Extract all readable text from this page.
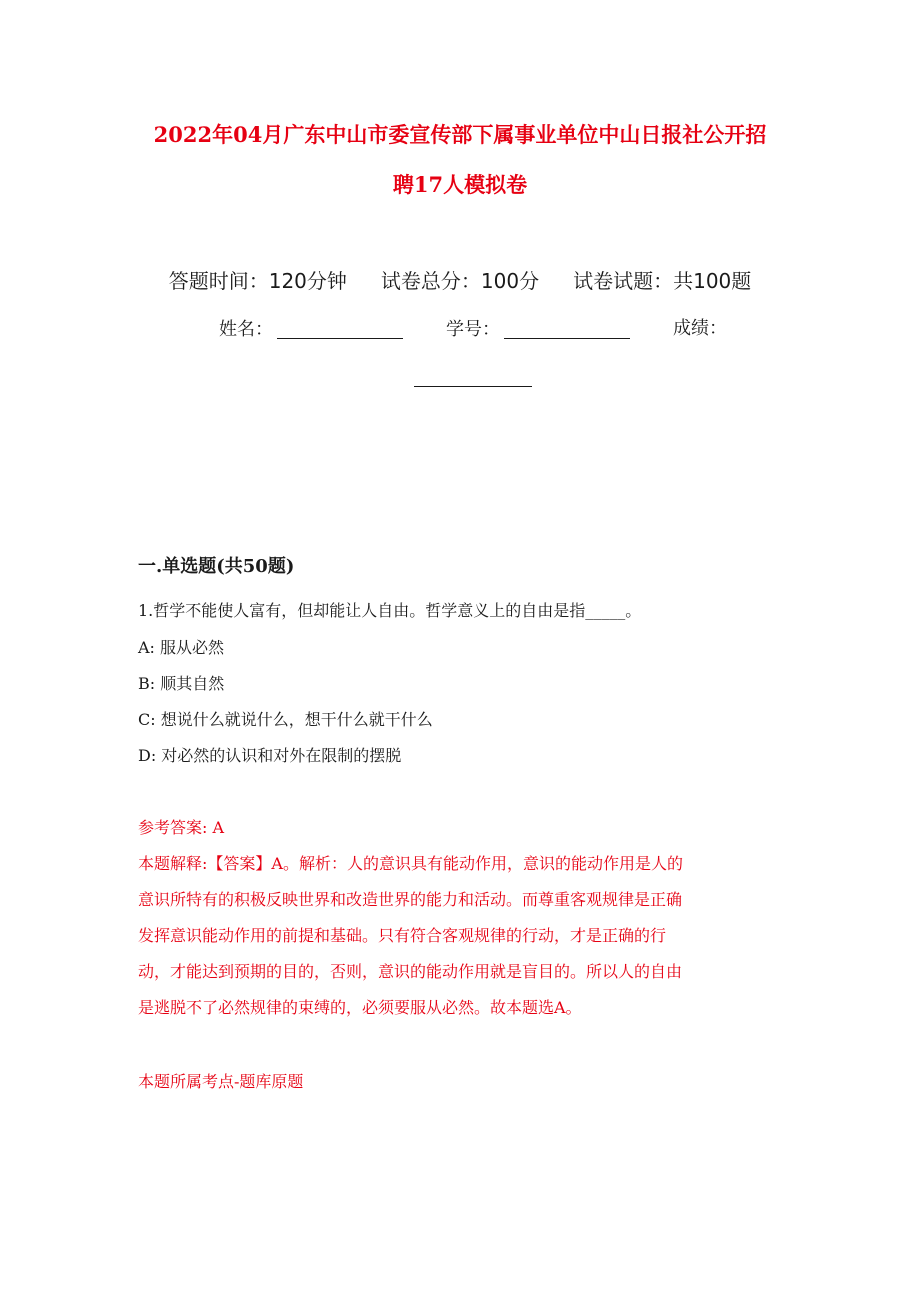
2022年04月广东中山市委宣传部下属事业单位中山日报社公开招
聘17人模拟卷
答题时间：120分钟 试卷总分：100分 试卷试题：共100题
姓名：	学号：	成绩：
一.单选题(共50题)
1.哲学不能使人富有，但却能让人自由。哲学意义上的自由是指_____。
A: 服从必然
B: 顺其自然
C: 想说什么就说什么，想干什么就干什么
D: 对必然的认识和对外在限制的摆脱
参考答案: A
本题解释:【答案】A。解析：人的意识具有能动作用，意识的能动作用是人的
意识所特有的积极反映世界和改造世界的能力和活动。而尊重客观规律是正确
发挥意识能动作用的前提和基础。只有符合客观规律的行动，才是正确的行
动，才能达到预期的目的，否则，意识的能动作用就是盲目的。所以人的自由
是逃脱不了必然规律的束缚的，必须要服从必然。故本题选A。
本题所属考点-题库原题
